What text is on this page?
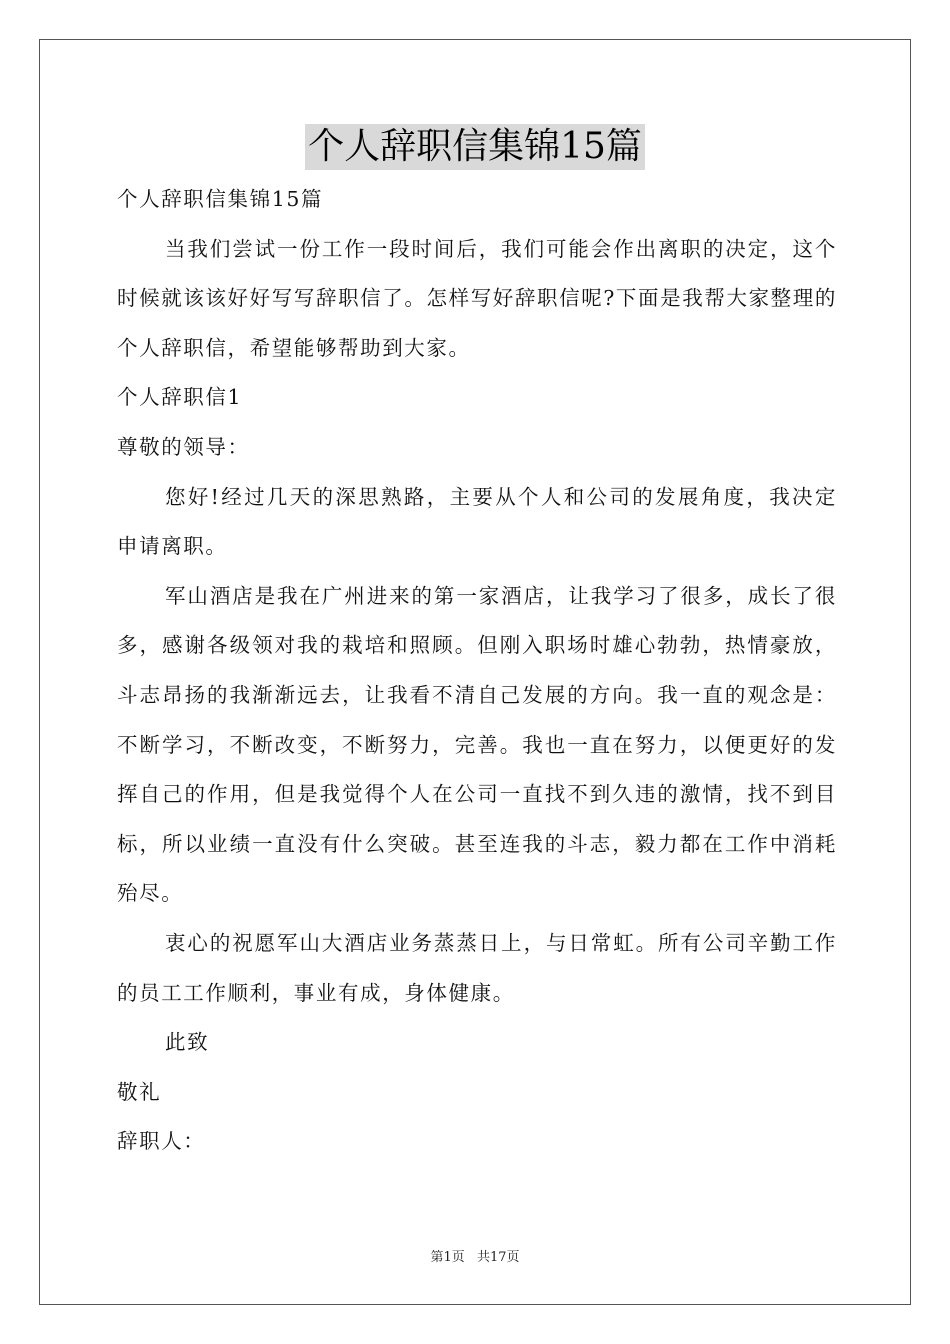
个人辞职信集锦15篇

个人辞职信集锦15篇

当我们尝试一份工作一段时间后，我们可能会作出离职的决定，这个时候就该该好好写写辞职信了。怎样写好辞职信呢?下面是我帮大家整理的个人辞职信，希望能够帮助到大家。

个人辞职信1

尊敬的领导：

您好!经过几天的深思熟路，主要从个人和公司的发展角度，我决定申请离职。

军山酒店是我在广州进来的第一家酒店，让我学习了很多，成长了很多，感谢各级领对我的栽培和照顾。但刚入职场时雄心勃勃，热情豪放，斗志昂扬的我渐渐远去，让我看不清自己发展的方向。我一直的观念是：不断学习，不断改变，不断努力，完善。我也一直在努力，以便更好的发挥自己的作用，但是我觉得个人在公司一直找不到久违的激情，找不到目标，所以业绩一直没有什么突破。甚至连我的斗志，毅力都在工作中消耗殆尽。

衷心的祝愿军山大酒店业务蒸蒸日上，与日常虹。所有公司辛勤工作的员工工作顺利，事业有成，身体健康。

此致

敬礼

辞职人：

第1页 共17页
